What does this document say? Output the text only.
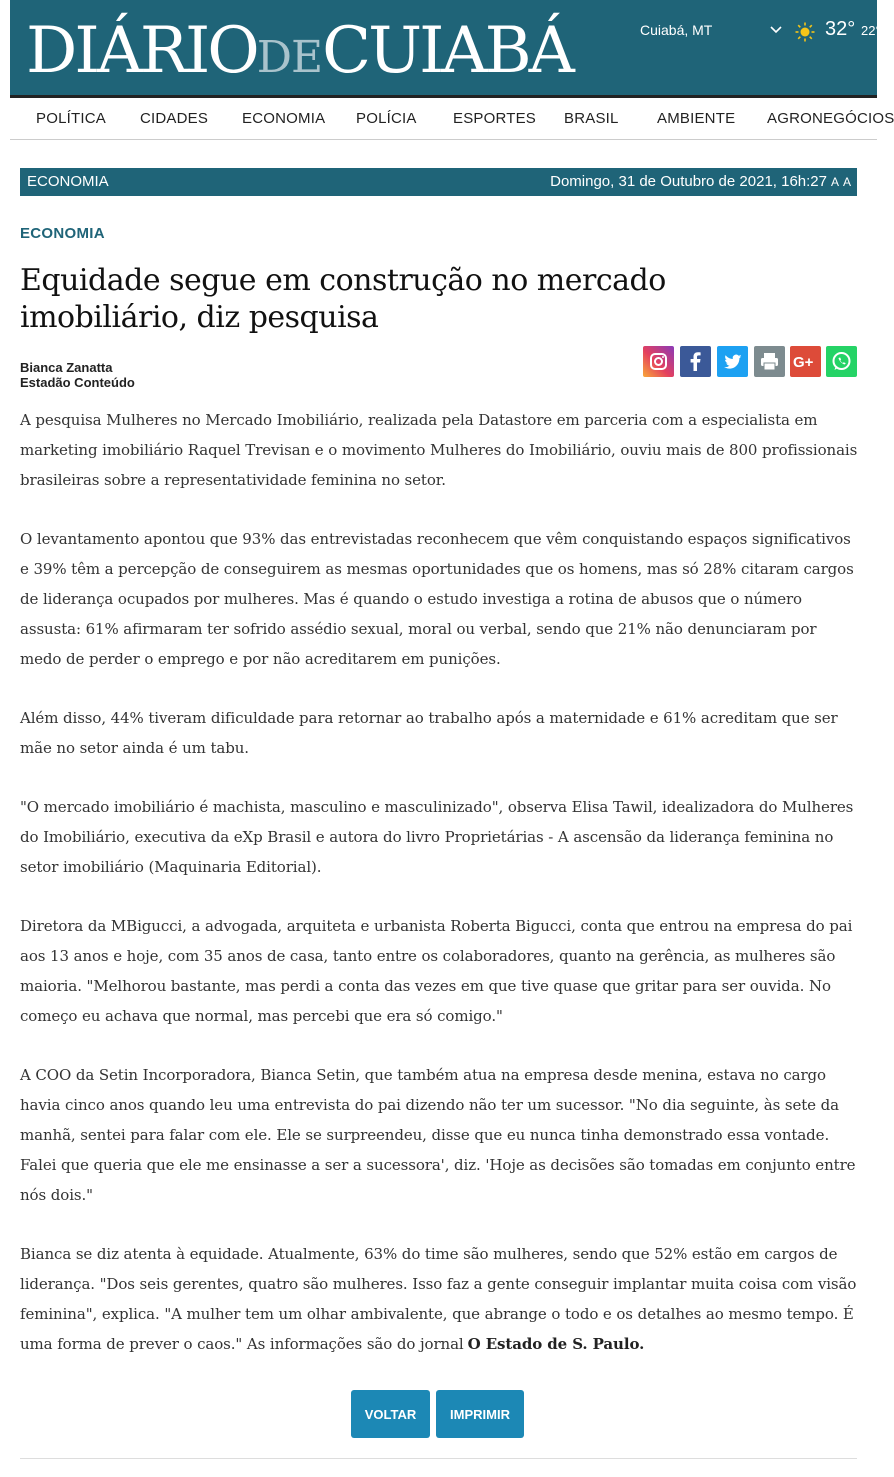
DIÁRIODECUIABÁ	Cuiabá, MT	32° 22°
POLÍTICA CIDADES ECONOMIA POLÍCIA ESPORTES BRASIL	AMBIENTE AGRONEGÓCIOS
ECONOMIA	Domingo, 31 de Outubro de 2021, 16h:27 A A
ECONOMIA
Equidade segue em construção no mercado imobiliário, diz pesquisa
Bianca Zanatta
Estadão Conteúdo
G+

A pesquisa Mulheres no Mercado Imobiliário, realizada pela Datastore em parceria com a especialista em marketing imobiliário Raquel Trevisan e o movimento Mulheres do Imobiliário, ouviu mais de 800 profissionais brasileiras sobre a representatividade feminina no setor.

O levantamento apontou que 93% das entrevistadas reconhecem que vêm conquistando espaços significativos e 39% têm a percepção de conseguirem as mesmas oportunidades que os homens, mas só 28% citaram cargos de liderança ocupados por mulheres. Mas é quando o estudo investiga a rotina de abusos que o número assusta: 61% afirmaram ter sofrido assédio sexual, moral ou verbal, sendo que 21% não denunciaram por medo de perder o emprego e por não acreditarem em punições.

Além disso, 44% tiveram dificuldade para retornar ao trabalho após a maternidade e 61% acreditam que ser mãe no setor ainda é um tabu.

"O mercado imobiliário é machista, masculino e masculinizado", observa Elisa Tawil, idealizadora do Mulheres do Imobiliário, executiva da eXp Brasil e autora do livro Proprietárias - A ascensão da liderança feminina no setor imobiliário (Maquinaria Editorial).

Diretora da MBigucci, a advogada, arquiteta e urbanista Roberta Bigucci, conta que entrou na empresa do pai aos 13 anos e hoje, com 35 anos de casa, tanto entre os colaboradores, quanto na gerência, as mulheres são maioria. "Melhorou bastante, mas perdi a conta das vezes em que tive quase que gritar para ser ouvida. No começo eu achava que normal, mas percebi que era só comigo."

A COO da Setin Incorporadora, Bianca Setin, que também atua na empresa desde menina, estava no cargo havia cinco anos quando leu uma entrevista do pai dizendo não ter um sucessor. "No dia seguinte, às sete da manhã, sentei para falar com ele. Ele se surpreendeu, disse que eu nunca tinha demonstrado essa vontade. Falei que queria que ele me ensinasse a ser a sucessora', diz. 'Hoje as decisões são tomadas em conjunto entre nós dois."

Bianca se diz atenta à equidade. Atualmente, 63% do time são mulheres, sendo que 52% estão em cargos de liderança. "Dos seis gerentes, quatro são mulheres. Isso faz a gente conseguir implantar muita coisa com visão feminina", explica. "A mulher tem um olhar ambivalente, que abrange o todo e os detalhes ao mesmo tempo. É uma forma de prever o caos." As informações são do jornal O Estado de S. Paulo.

VOLTAR	IMPRIMIR
